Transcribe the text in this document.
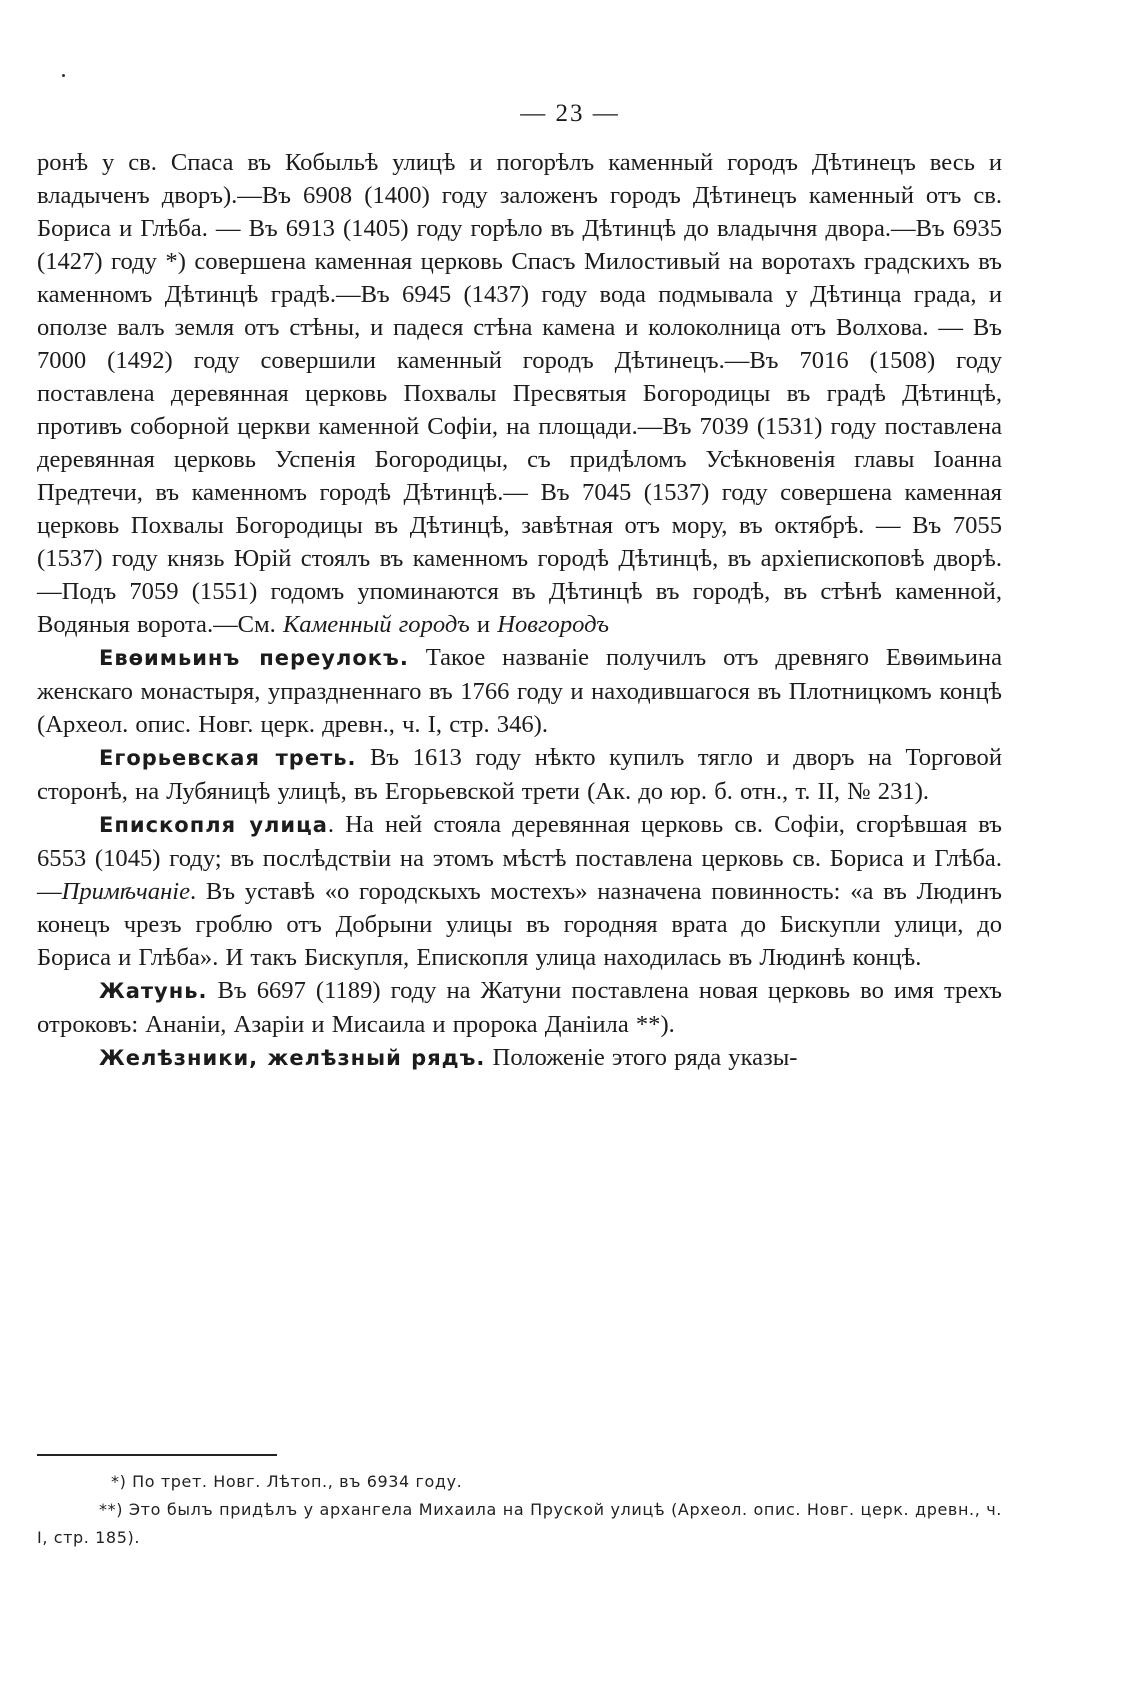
— 23 —

ронѣ у св. Спаса въ Кобыльѣ улицѣ и погорѣлъ каменный городъ Дѣтинецъ весь и владыченъ дворъ).—Въ 6908 (1400) году заложенъ городъ Дѣтинецъ каменный отъ св. Бориса и Глѣба. — Въ 6913 (1405) году горѣло въ Дѣтинцѣ до владычня двора.—Въ 6935 (1427) году *) совершена каменная церковь Спасъ Милостивый на воротахъ градскихъ въ каменномъ Дѣтинцѣ градѣ.—Въ 6945 (1437) году вода подмывала у Дѣтинца града, и оползе валъ земля отъ стѣны, и падеся стѣна камена и колоколница отъ Волхова. — Въ 7000 (1492) году совершили каменный городъ Дѣтинецъ.—Въ 7016 (1508) году поставлена деревянная церковь Похвалы Пресвятыя Богородицы въ градѣ Дѣтинцѣ, противъ соборной церкви каменной Софіи, на площади.—Въ 7039 (1531) году поставлена деревянная церковь Успенія Богородицы, съ придѣломъ Усѣкновенія главы Іоанна Предтечи, въ каменномъ городѣ Дѣтинцѣ.— Въ 7045 (1537) году совершена каменная церковь Похвалы Богородицы въ Дѣтинцѣ, завѣтная отъ мору, въ октябрѣ. — Въ 7055 (1537) году князь Юрій стоялъ въ каменномъ городѣ Дѣтинцѣ, въ архіепископовѣ дворѣ.—Подъ 7059 (1551) годомъ упоминаются въ Дѣтинцѣ въ городѣ, въ стѣнѣ каменной, Водяныя ворота.—См. Каменный городъ и Новгородъ

Евѳимьинъ переулокъ. Такое названіе получилъ отъ древняго Евѳимьина женскаго монастыря, упраздненнаго въ 1766 году и находившагося въ Плотницкомъ концѣ (Археол. опис. Новг. церк. древн., ч. I, стр. 346).

Егорьевская треть. Въ 1613 году нѣкто купилъ тягло и дворъ на Торговой сторонѣ, на Лубяницѣ улицѣ, въ Егорьевской трети (Ак. до юр. б. отн., т. II, № 231).

Епископля улица. На ней стояла деревянная церковь св. Софіи, сгорѣвшая въ 6553 (1045) году; въ послѣдствіи на этомъ мѣстѣ поставлена церковь св. Бориса и Глѣба.—Примѣчаніе. Въ уставѣ «о городскыхъ мостехъ» назначена повинность: «а въ Людинъ конецъ чрезъ гроблю отъ Добрыни улицы въ городняя врата до Бискупли улици, до Бориса и Глѣба». И такъ Бискупля, Епископля улица находилась въ Людинѣ концѣ.

Жатунь. Въ 6697 (1189) году на Жатуни поставлена новая церковь во имя трехъ отроковъ: Ананіи, Азаріи и Мисаила и пророка Даніила **).

Желѣзники, желѣзный рядъ. Положеніе этого ряда указы-

*) По трет. Новг. Лѣтоп., въ 6934 году.

**) Это былъ придѣлъ у архангела Михаила на Пруской улицѣ (Археол. опис. Новг. церк. древн., ч. I, стр. 185).
